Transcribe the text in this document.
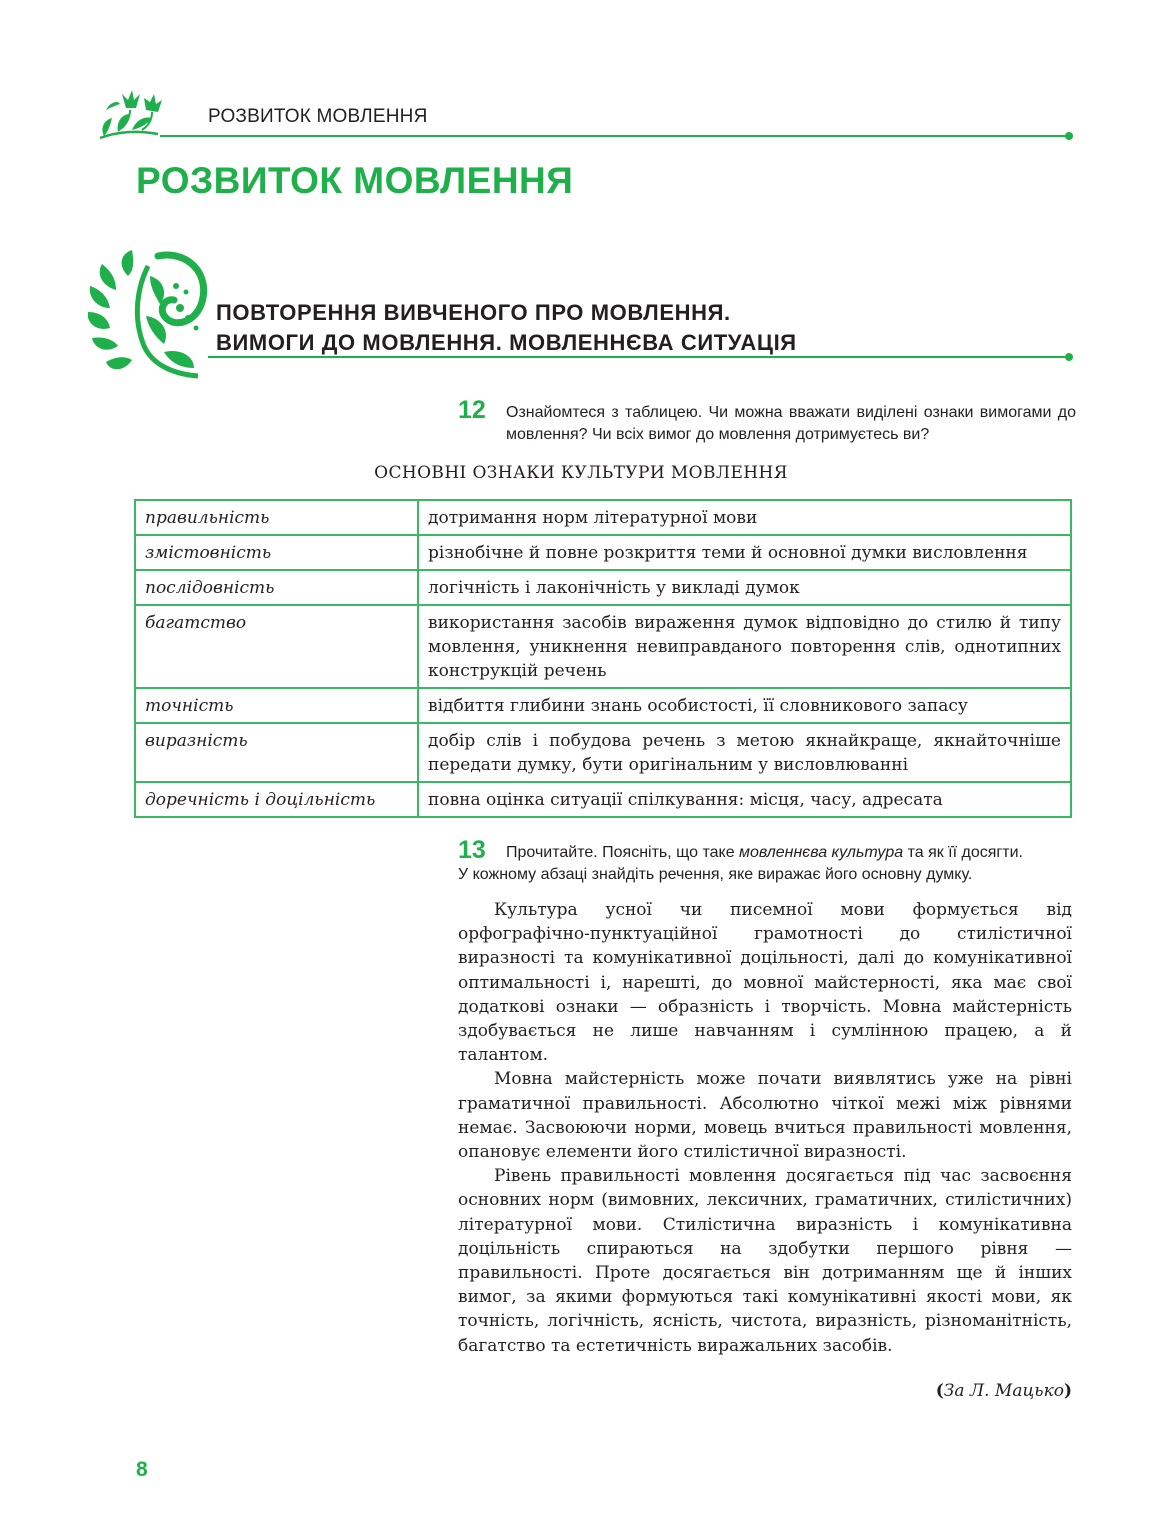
РОЗВИТОК МОВЛЕННЯ
РОЗВИТОК МОВЛЕННЯ
ПОВТОРЕННЯ ВИВЧЕНОГО ПРО МОВЛЕННЯ.
ВИМОГИ ДО МОВЛЕННЯ. МОВЛЕННЄВА СИТУАЦІЯ
12 Ознайомтеся з таблицею. Чи можна вважати виділені ознаки вимогами до мовлення? Чи всіх вимог до мовлення дотримуєтесь ви?
ОСНОВНІ ОЗНАКИ КУЛЬТУРИ МОВЛЕННЯ
правильність	дотримання норм літературної мови
змістовність	різнобічне й повне розкриття теми й основної думки висловлення
послідовність	логічність і лаконічність у викладі думок
багатство	використання засобів вираження думок відповідно до стилю й типу мовлення, уникнення невиправданого повторення слів, однотипних конструкцій речень
точність	відбиття глибини знань особистості, її словникового запасу
виразність	добір слів і побудова речень з метою якнайкраще, якнайточніше передати думку, бути оригінальним у висловлюванні
доречність і доцільність	повна оцінка ситуації спілкування: місця, часу, адресата
13 Прочитайте. Поясніть, що таке мовленнєва культура та як її досягти.
У кожному абзаці знайдіть речення, яке виражає його основну думку.

Культура усної чи писемної мови формується від орфографічно-пунктуаційної грамотності до стилістичної виразності та комунікативної доцільності, далі до комунікативної оптимальності і, нарешті, до мовної майстерності, яка має свої додаткові ознаки — образність і творчість. Мовна майстерність здобувається не лише навчанням і сумлінною працею, а й талантом.

Мовна майстерність може почати виявлятись уже на рівні граматичної правильності. Абсолютно чіткої межі між рівнями немає. Засвоюючи норми, мовець вчиться правильності мовлення, опановує елементи його стилістичної виразності.

Рівень правильності мовлення досягається під час засвоєння основних норм (вимовних, лексичних, граматичних, стилістичних) літературної мови. Стилістична виразність і комунікативна доцільність спираються на здобутки першого рівня — правильності. Проте досягається він дотриманням ще й інших вимог, за якими формуються такі комунікативні якості мови, як точність, логічність, ясність, чистота, виразність, різноманітність, багатство та естетичність виражальних засобів.

(За Л. Мацько)
8
